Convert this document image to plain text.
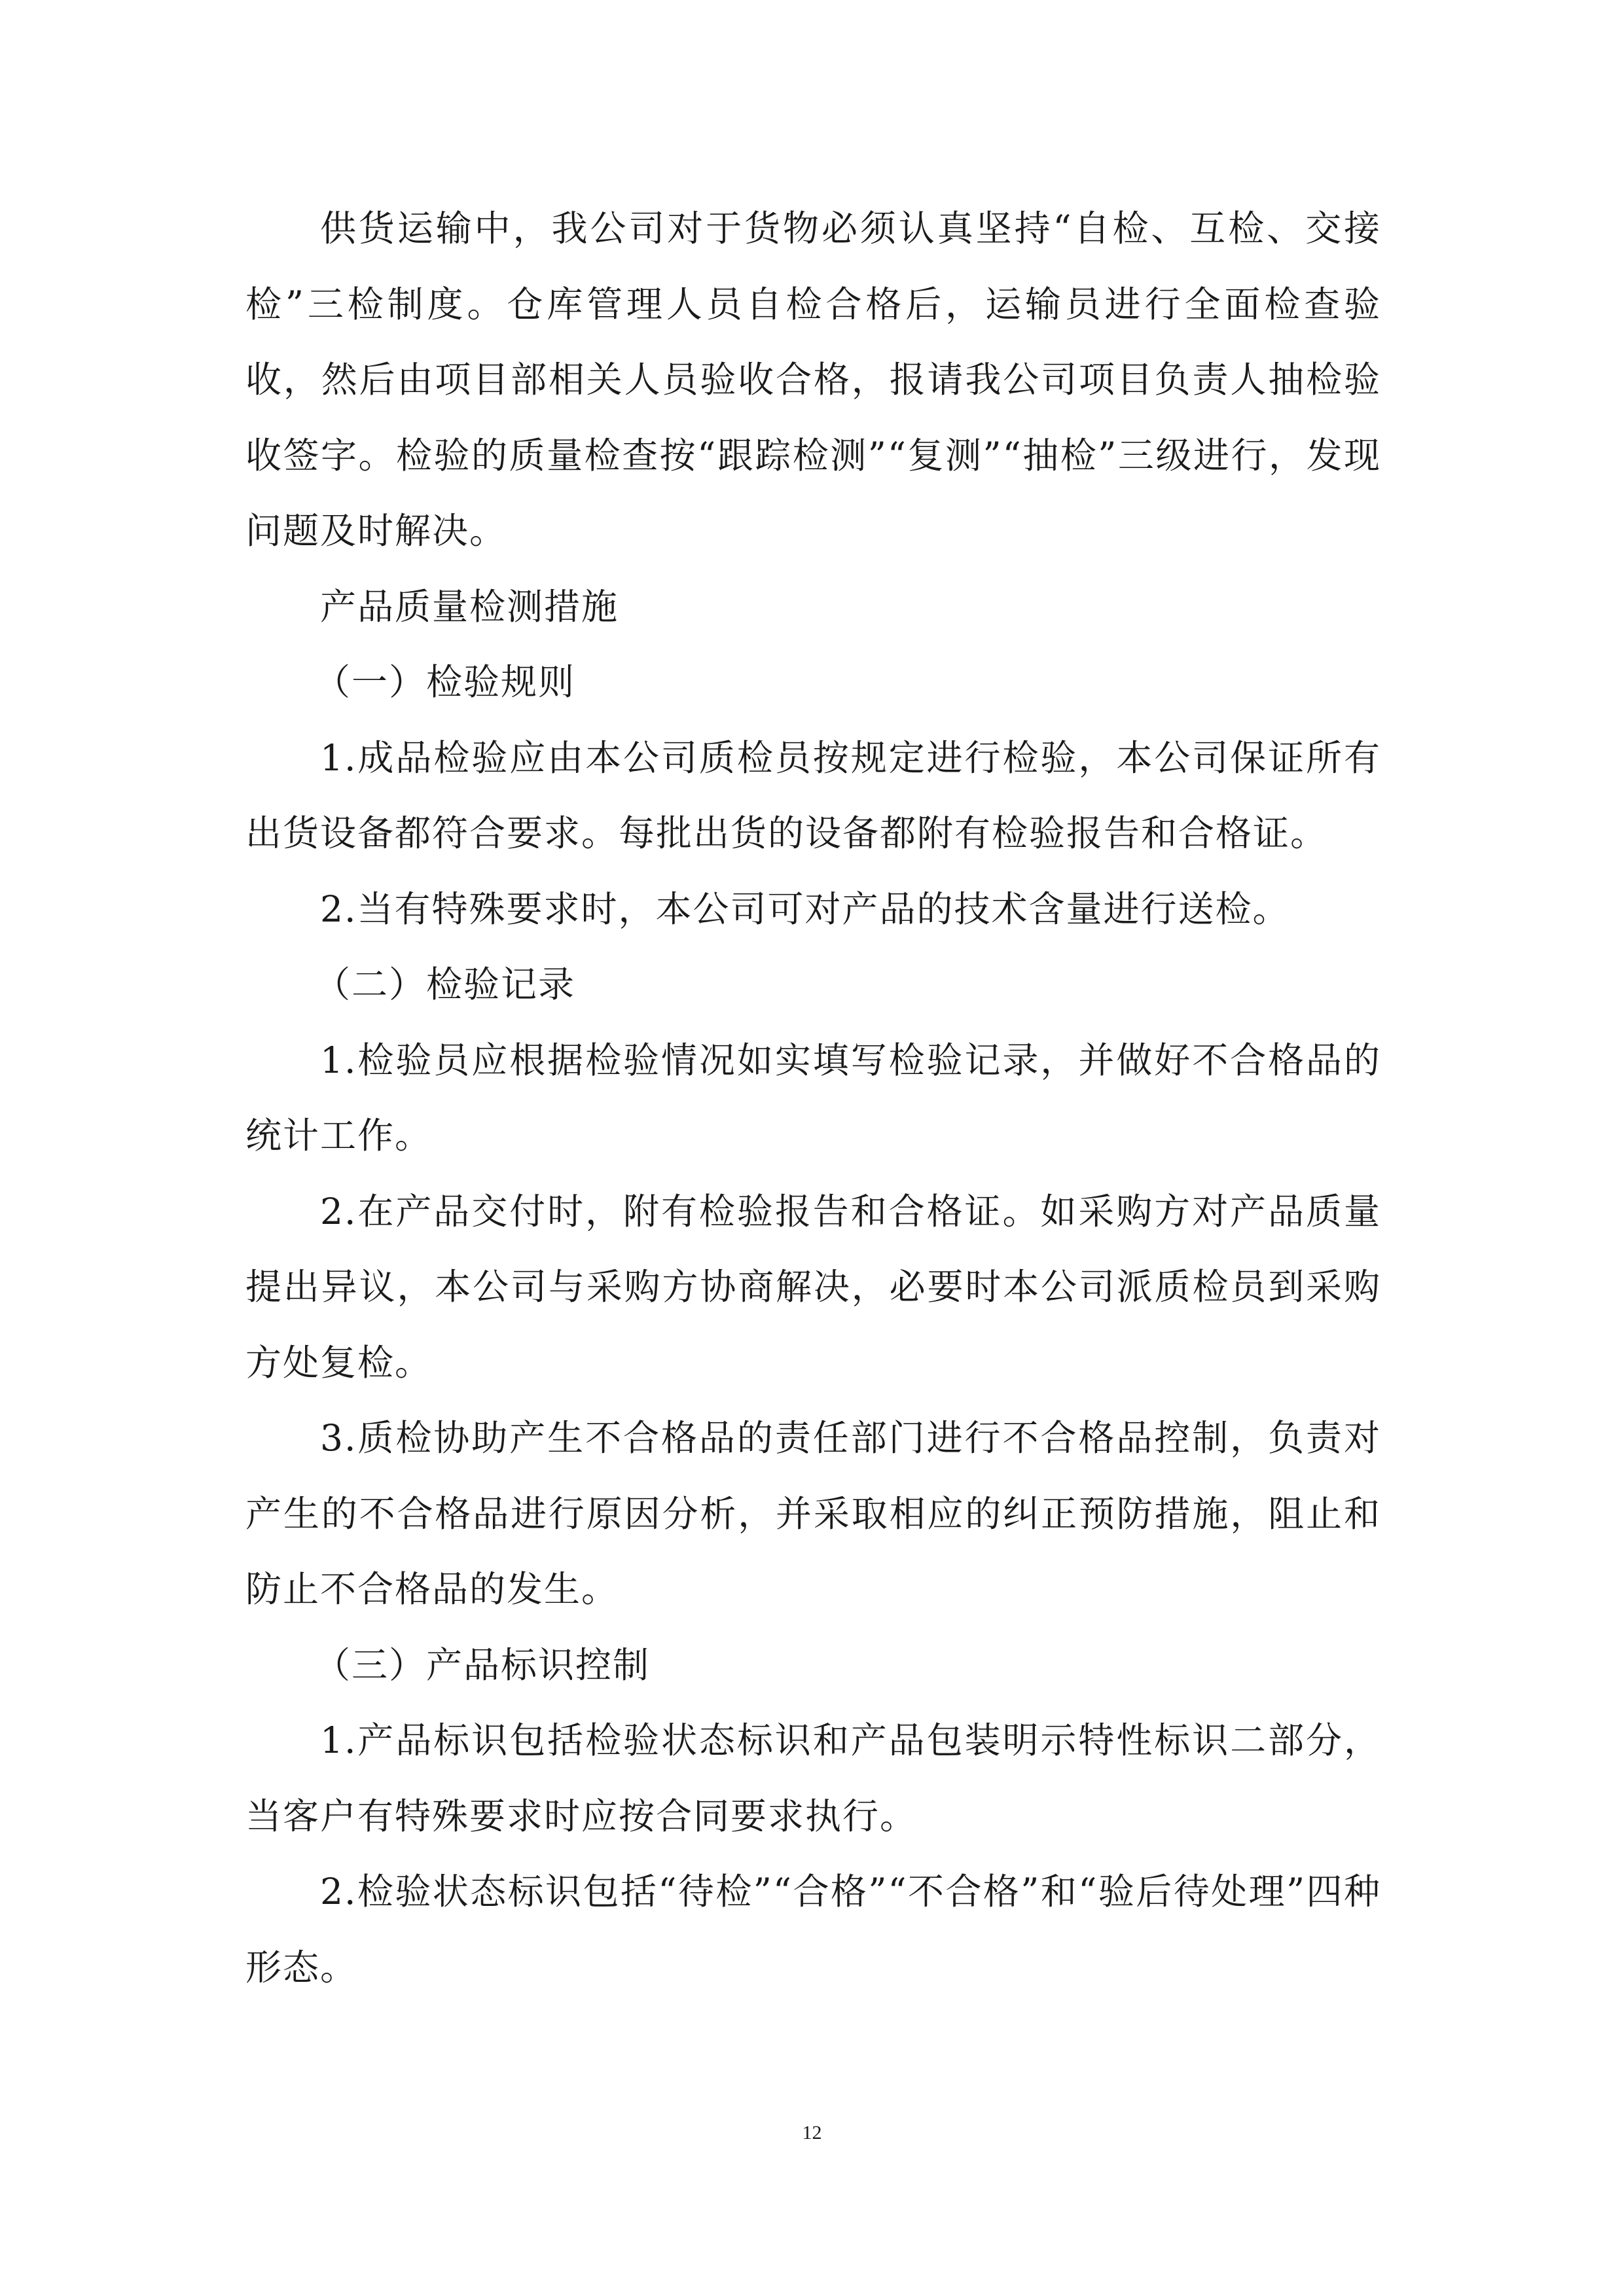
供货运输中，我公司对于货物必须认真坚持“自检、互检、交接检”三检制度。仓库管理人员自检合格后，运输员进行全面检查验收，然后由项目部相关人员验收合格，报请我公司项目负责人抽检验收签字。检验的质量检查按“跟踪检测”“复测”“抽检”三级进行，发现问题及时解决。

产品质量检测措施

（一）检验规则

1.成品检验应由本公司质检员按规定进行检验，本公司保证所有出货设备都符合要求。每批出货的设备都附有检验报告和合格证。

2.当有特殊要求时，本公司可对产品的技术含量进行送检。

（二）检验记录

1.检验员应根据检验情况如实填写检验记录，并做好不合格品的统计工作。

2.在产品交付时，附有检验报告和合格证。如采购方对产品质量提出异议，本公司与采购方协商解决，必要时本公司派质检员到采购方处复检。

3.质检协助产生不合格品的责任部门进行不合格品控制，负责对产生的不合格品进行原因分析，并采取相应的纠正预防措施，阻止和防止不合格品的发生。

（三）产品标识控制

1.产品标识包括检验状态标识和产品包装明示特性标识二部分，当客户有特殊要求时应按合同要求执行。

2.检验状态标识包括“待检”“合格”“不合格”和“验后待处理”四种形态。

12
